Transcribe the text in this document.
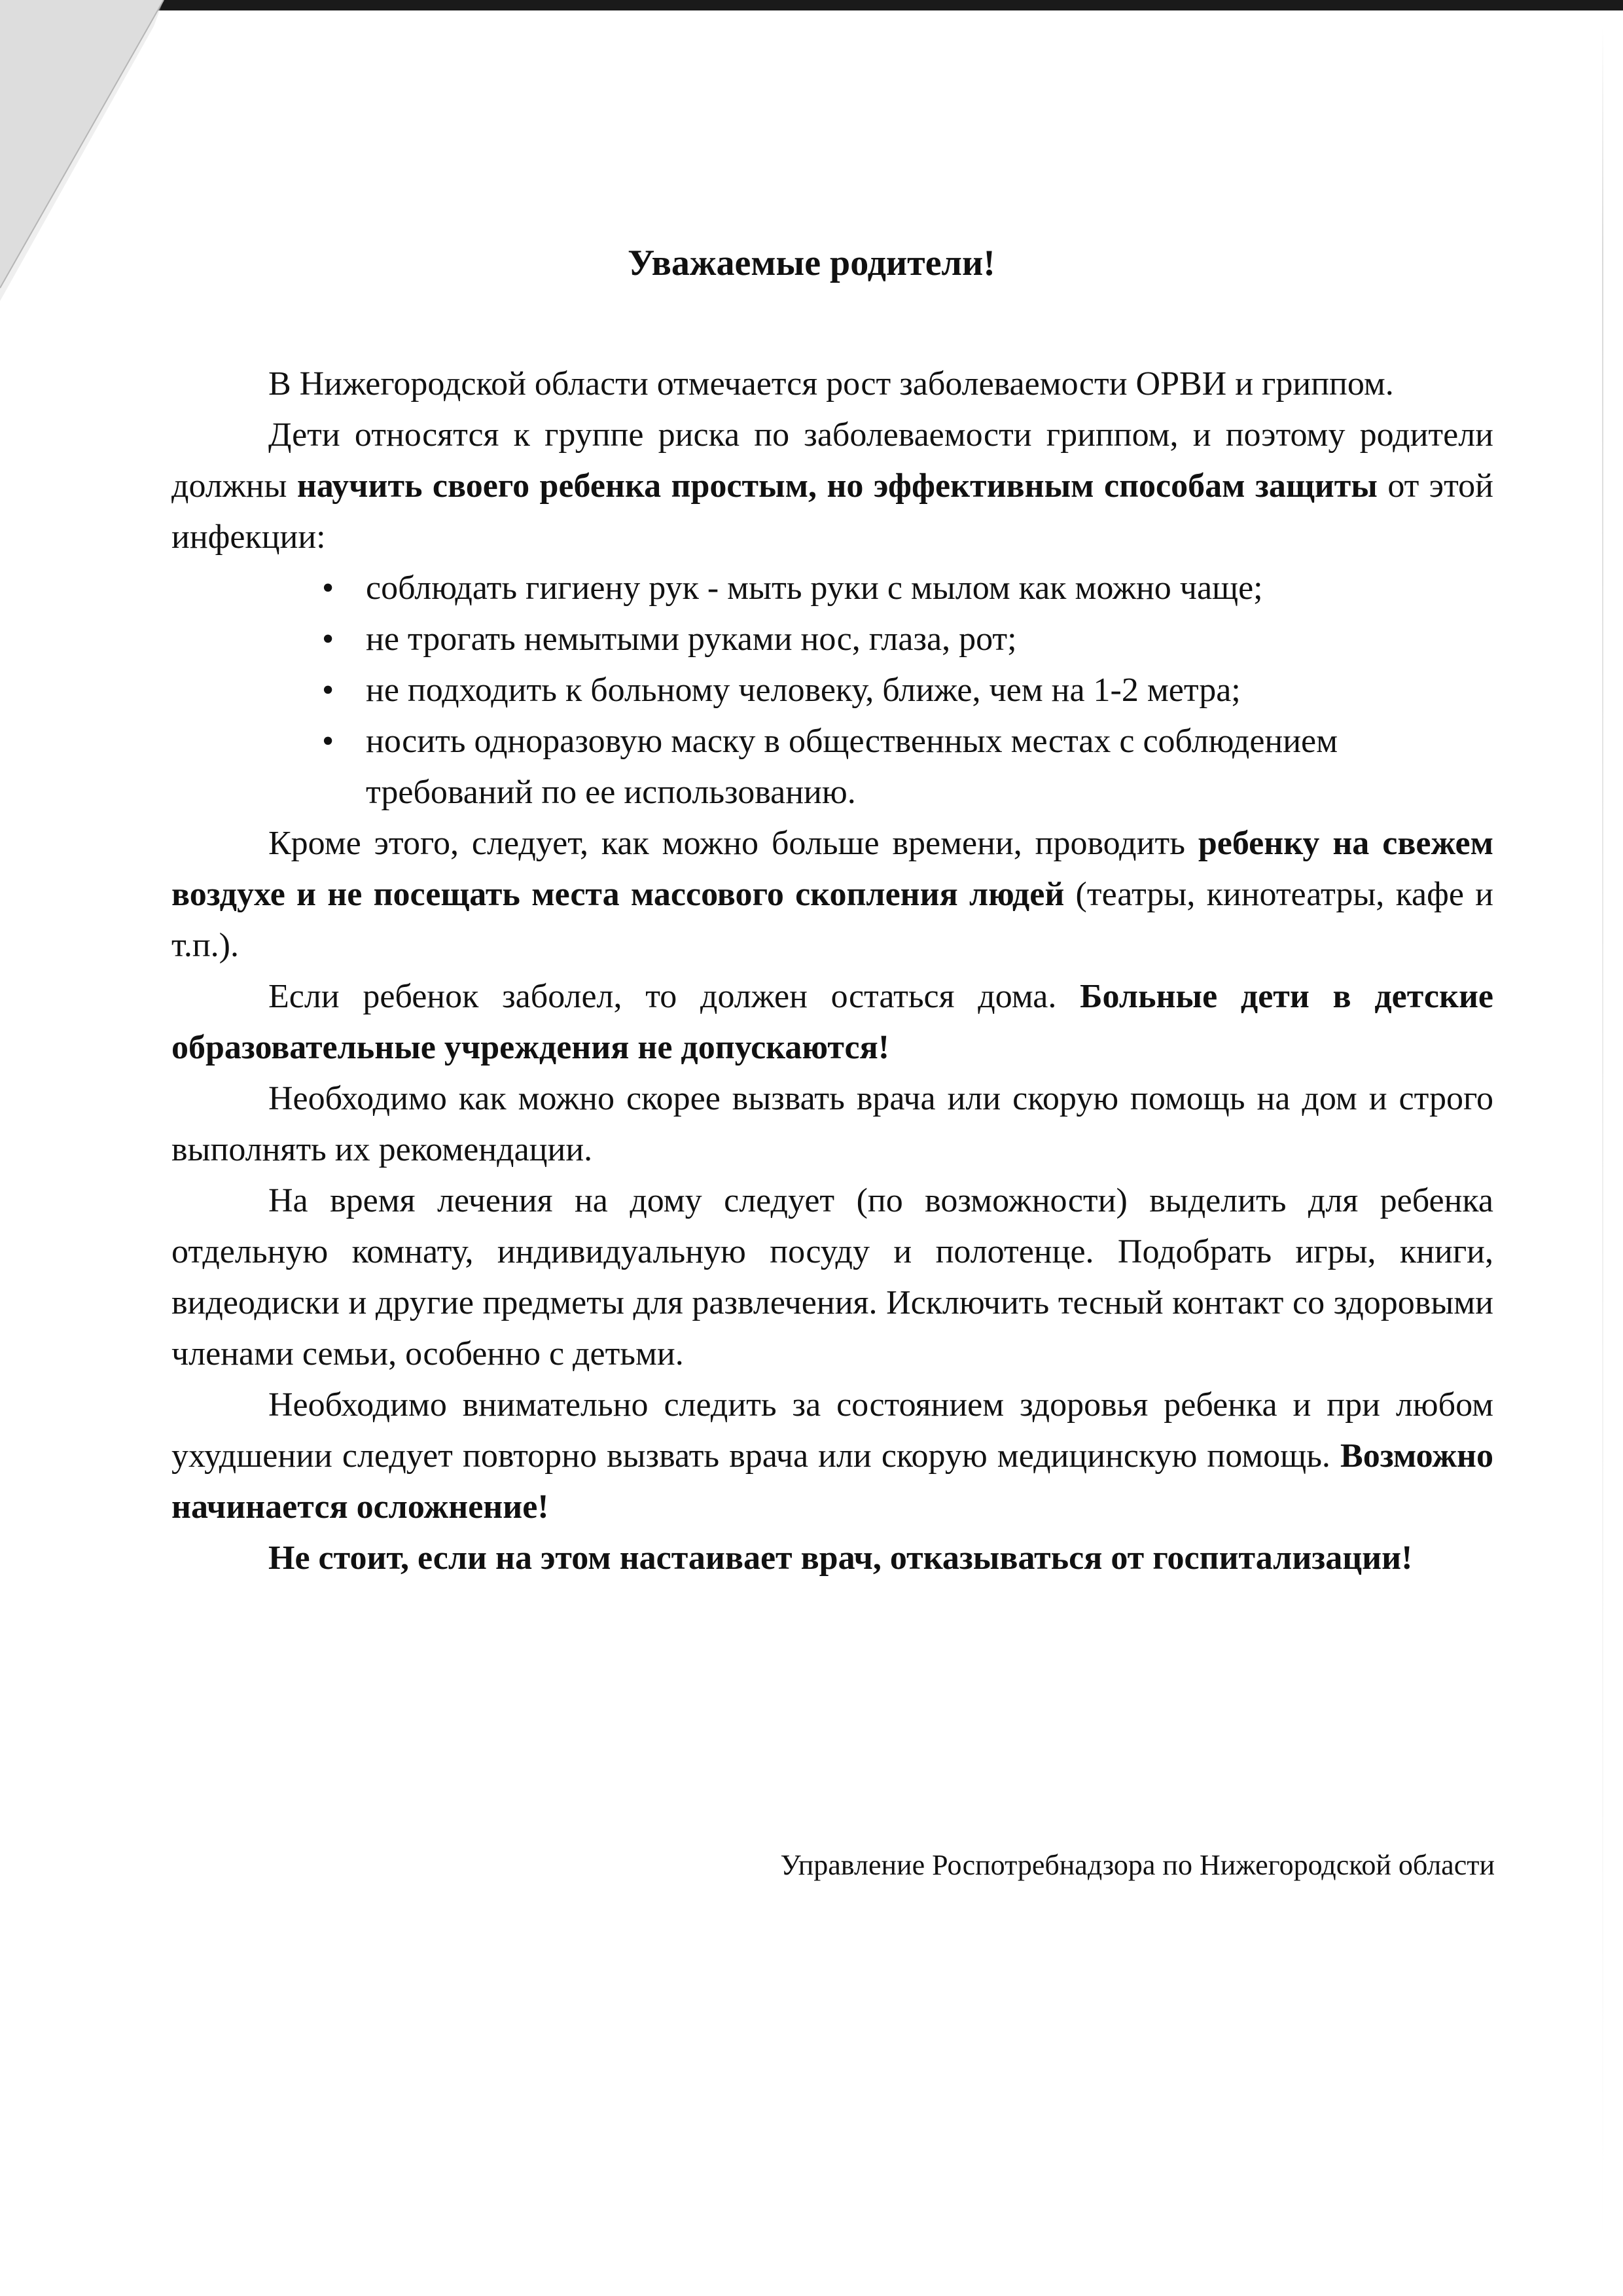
Уважаемые родители!

В Нижегородской области отмечается рост заболеваемости ОРВИ и гриппом.

Дети относятся к группе риска по заболеваемости гриппом, и поэтому родители должны научить своего ребенка простым, но эффективным способам защиты от этой инфекции:

• соблюдать гигиену рук - мыть руки с мылом как можно чаще;
• не трогать немытыми руками нос, глаза, рот;
• не подходить к больному человеку, ближе, чем на 1-2 метра;
• носить одноразовую маску в общественных местах с соблюдением требований по ее использованию.

Кроме этого, следует, как можно больше времени, проводить ребенку на свежем воздухе и не посещать места массового скопления людей (театры, кинотеатры, кафе и т.п.).

Если ребенок заболел, то должен остаться дома. Больные дети в детские образовательные учреждения не допускаются!

Необходимо как можно скорее вызвать врача или скорую помощь на дом и строго выполнять их рекомендации.

На время лечения на дому следует (по возможности) выделить для ребенка отдельную комнату, индивидуальную посуду и полотенце. Подобрать игры, книги, видеодиски и другие предметы для развлечения. Исключить тесный контакт со здоровыми членами семьи, особенно с детьми.

Необходимо внимательно следить за состоянием здоровья ребенка и при любом ухудшении следует повторно вызвать врача или скорую медицинскую помощь. Возможно начинается осложнение!

Не стоит, если на этом настаивает врач, отказываться от госпитализации!

Управление Роспотребнадзора по Нижегородской области
